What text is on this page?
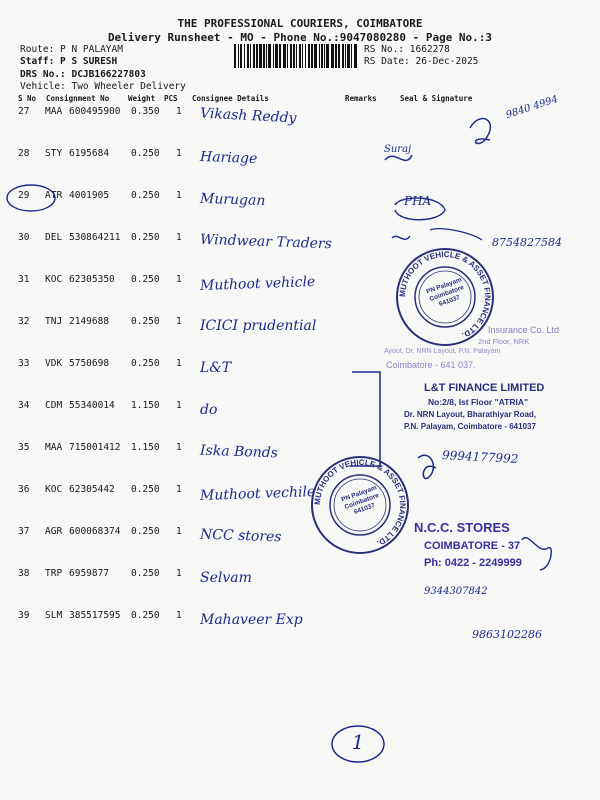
THE PROFESSIONAL COURIERS, COIMBATORE
Delivery Runsheet - MO - Phone No.:9047080280 - Page No.:3
Route: P N PALAYAM
Staff: P S SURESH
DRS No.: DCJB166227803
Vehicle: Two Wheeler Delivery
RS No.: 1662278
RS Date: 26-Dec-2025
S No Consignment No	Weight PCS Consignee Details	Remarks	Seal & Signature
27 MAA 600495900 0.350 1 Vikash Reddy	9840 4994
28 STY 6195684 0.250 1 Hariage	Suraj
29 ATR 4001905 0.250 1 Murugan	PHA
30 DEL 530864211 0.250 1 Windwear Traders	8754827584
31 KOC 62305350 0.250 1 Muthoot vehicle
32 TNJ 2149688 0.250 1 ICICI prudential
33 VDK 5750698 0.250 1 L&T
34 CDM 55340014 1.150 1 do
35 MAA 715001412 1.150 1 Iska Bonds	9994177992
36 KOC 62305442 0.250 1 Muthoot vechile
37 AGR 600068374 0.250 1 NCC stores
38 TRP 6959877 0.250 1 Selvam
9344307842
39 SLM 385517595 0.250 1 Mahaveer Exp
9863102286
MUTHOOT VEHICLE & ASSET FINANCE LTD.
MUTHOOT VEHICLE & ASSET FINANCE LTD.
PN Palayam Coimbatore 641037
PN Palayam Coimbatore 641037
Insurance Co. Ltd
2nd Floor, NRK
Ayout, Dr. NRN Layout, P.N. Palayam
Coimbatore - 641 037.
L&T FINANCE LIMITED
No:2/8, Ist Floor "ATRIA"
Dr. NRN Layout, Bharathiyar Road,
P.N. Palayam, Coimbatore - 641037
N.C.C. STORES
COIMBATORE - 37
Ph: 0422 - 2249999
1
